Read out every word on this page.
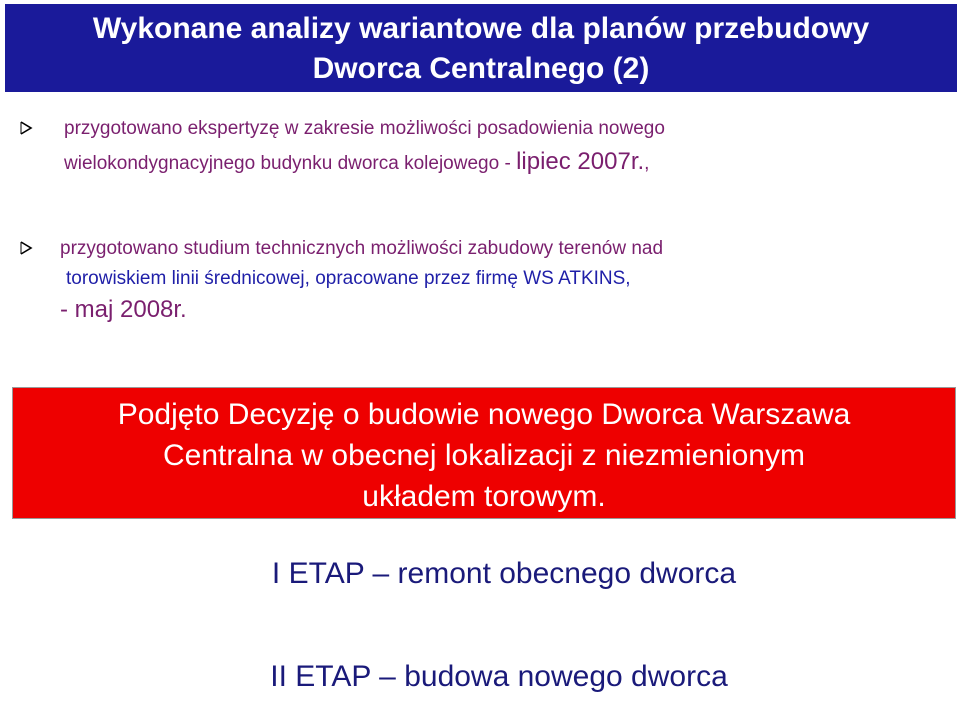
Wykonane analizy wariantowe dla planów przebudowy
Dworca Centralnego (2)
przygotowano ekspertyzę w zakresie możliwości posadowienia nowego
wielokondygnacyjnego budynku dworca kolejowego - lipiec 2007r.,
przygotowano studium technicznych możliwości zabudowy terenów nad
torowiskiem linii średnicowej, opracowane przez firmę WS ATKINS,
- maj 2008r.
Podjęto Decyzję o budowie nowego Dworca Warszawa
Centralna w obecnej lokalizacji z niezmienionym
układem torowym.
I ETAP – remont obecnego dworca
II ETAP – budowa nowego dworca
